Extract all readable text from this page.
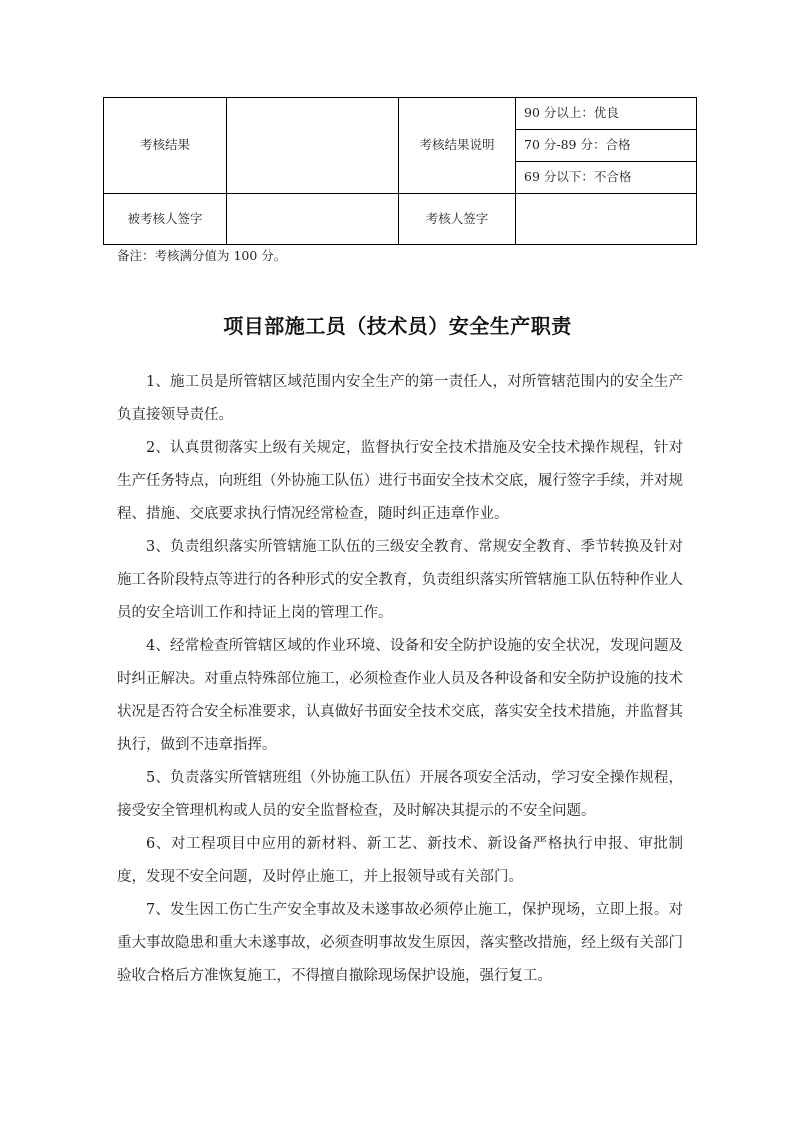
考核结果		考核结果说明	
90 分以上：优良
70 分-89 分：合格
69 分以下：不合格

被考核人签字		考核人签字	
备注：考核满分值为 100 分。
项目部施工员（技术员）安全生产职责

1、施工员是所管辖区域范围内安全生产的第一责任人，对所管辖范围内的安全生产负直接领导责任。

2、认真贯彻落实上级有关规定，监督执行安全技术措施及安全技术操作规程，针对生产任务特点，向班组（外协施工队伍）进行书面安全技术交底，履行签字手续，并对规程、措施、交底要求执行情况经常检查，随时纠正违章作业。

3、负责组织落实所管辖施工队伍的三级安全教育、常规安全教育、季节转换及针对施工各阶段特点等进行的各种形式的安全教育，负责组织落实所管辖施工队伍特种作业人员的安全培训工作和持证上岗的管理工作。

4、经常检查所管辖区域的作业环境、设备和安全防护设施的安全状况，发现问题及时纠正解决。对重点特殊部位施工，必须检查作业人员及各种设备和安全防护设施的技术状况是否符合安全标准要求，认真做好书面安全技术交底，落实安全技术措施，并监督其执行，做到不违章指挥。

5、负责落实所管辖班组（外协施工队伍）开展各项安全活动，学习安全操作规程，接受安全管理机构或人员的安全监督检查，及时解决其提示的不安全问题。

6、对工程项目中应用的新材料、新工艺、新技术、新设备严格执行申报、审批制度，发现不安全问题，及时停止施工，并上报领导或有关部门。

7、发生因工伤亡生产安全事故及未遂事故必须停止施工，保护现场，立即上报。对重大事故隐患和重大未遂事故，必须查明事故发生原因，落实整改措施，经上级有关部门验收合格后方准恢复施工，不得擅自撤除现场保护设施，强行复工。
